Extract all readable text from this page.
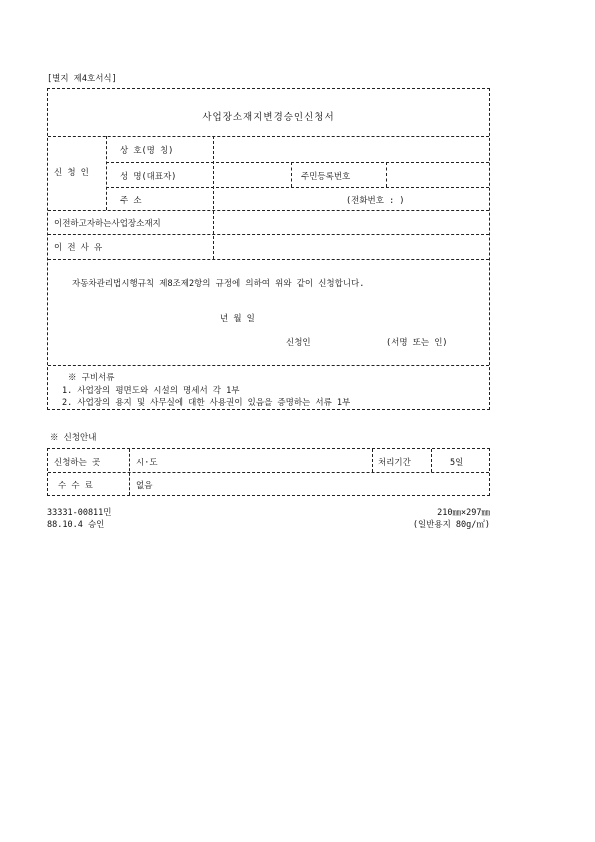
[별지 제4호서식]
사업장소재지변경승인신청서
신 청 인
상 호(명 칭)
성 명(대표자)	주민등록번호
주 소	(전화번호 : )
이전하고자하는사업장소재지
이 전 사 유
자동차관리법시행규칙 제8조제2항의 규정에 의하여 위와 같이 신청합니다.
년 월 일
신청인	(서명 또는 인)
※ 구비서류
1. 사업장의 평면도와 시설의 명세서 각 1부
2. 사업장의 용지 및 사무실에 대한 사용권이 있음을 증명하는 서류 1부
※ 신청안내
신청하는 곳	시·도	처리기간	5일
수 수 료	없음
33331-00811민
88.10.4 승인
210㎜×297㎜
(일반용지 80g/㎡)
